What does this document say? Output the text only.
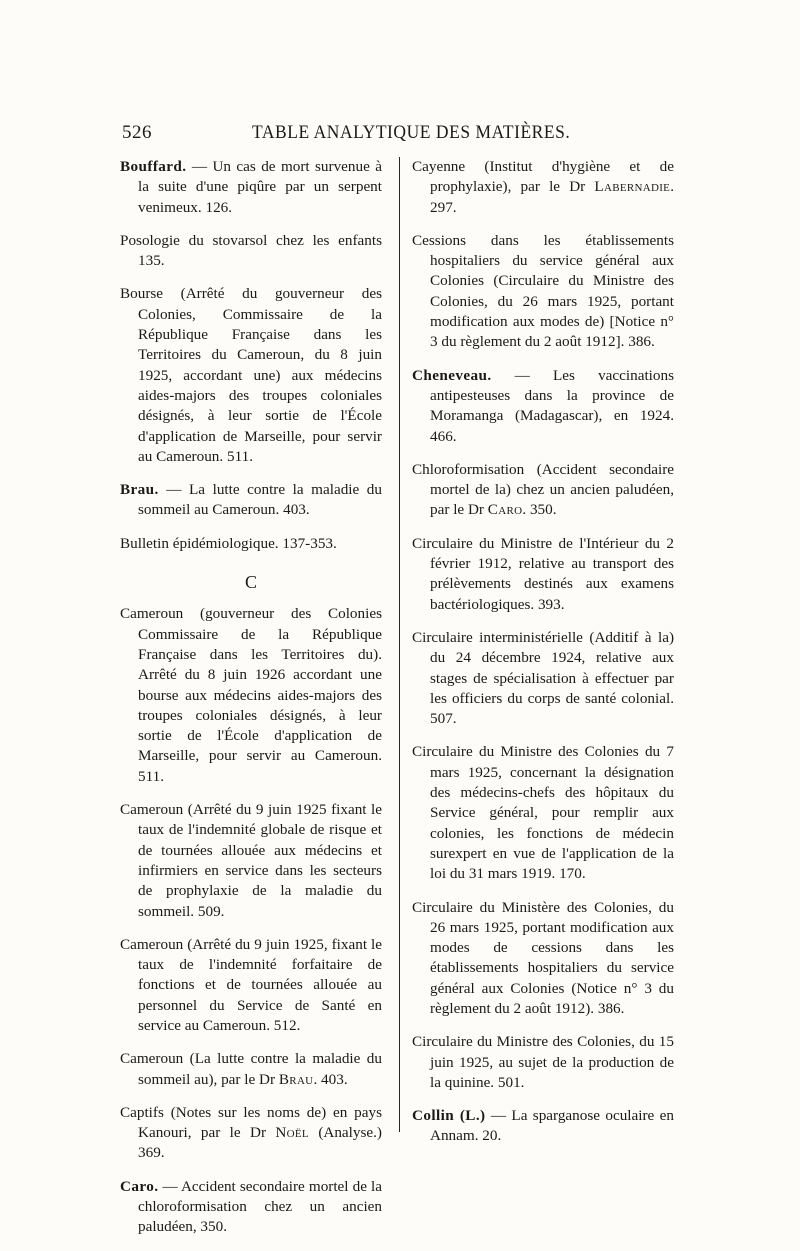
526	TABLE ANALYTIQUE DES MATIÈRES.

Bouffard. — Un cas de mort survenue à la suite d'une piqûre par un serpent venimeux. 126.

Posologie du stovarsol chez les enfants 135.

Bourse (Arrêté du gouverneur des Colonies, Commissaire de la République Française dans les Territoires du Cameroun, du 8 juin 1925, accordant une) aux médecins aides-majors des troupes coloniales désignés, à leur sortie de l'École d'application de Marseille, pour servir au Cameroun. 511.

Brau. — La lutte contre la maladie du sommeil au Cameroun. 403.

Bulletin épidémiologique. 137-353.

C

Cameroun (gouverneur des Colonies Commissaire de la République Française dans les Territoires du). Arrêté du 8 juin 1926 accordant une bourse aux médecins aides-majors des troupes coloniales désignés, à leur sortie de l'École d'application de Marseille, pour servir au Cameroun. 511.

Cameroun (Arrêté du 9 juin 1925 fixant le taux de l'indemnité globale de risque et de tournées allouée aux médecins et infirmiers en service dans les secteurs de prophylaxie de la maladie du sommeil. 509.

Cameroun (Arrêté du 9 juin 1925, fixant le taux de l'indemnité forfaitaire de fonctions et de tournées allouée au personnel du Service de Santé en service au Cameroun. 512.

Cameroun (La lutte contre la maladie du sommeil au), par le Dr Brau. 403.

Captifs (Notes sur les noms de) en pays Kanouri, par le Dr Noël (Analyse.) 369.

Caro. — Accident secondaire mortel de la chloroformisation chez un ancien paludéen, 350.

Cayenne (Institut d'hygiène et de prophylaxie), par le Dr Labernadie. 297.

Cessions dans les établissements hospitaliers du service général aux Colonies (Circulaire du Ministre des Colonies, du 26 mars 1925, portant modification aux modes de) [Notice n° 3 du règlement du 2 août 1912]. 386.

Cheneveau. — Les vaccinations antipesteuses dans la province de Moramanga (Madagascar), en 1924. 466.

Chloroformisation (Accident secondaire mortel de la) chez un ancien paludéen, par le Dr Caro. 350.

Circulaire du Ministre de l'Intérieur du 2 février 1912, relative au transport des prélèvements destinés aux examens bactériologiques. 393.

Circulaire interministérielle (Additif à la) du 24 décembre 1924, relative aux stages de spécialisation à effectuer par les officiers du corps de santé colonial. 507.

Circulaire du Ministre des Colonies du 7 mars 1925, concernant la désignation des médecins-chefs des hôpitaux du Service général, pour remplir aux colonies, les fonctions de médecin surexpert en vue de l'application de la loi du 31 mars 1919. 170.

Circulaire du Ministère des Colonies, du 26 mars 1925, portant modification aux modes de cessions dans les établissements hospitaliers du service général aux Colonies (Notice n° 3 du règlement du 2 août 1912). 386.

Circulaire du Ministre des Colonies, du 15 juin 1925, au sujet de la production de la quinine. 501.

Collin (L.) — La sparganose oculaire en Annam. 20.
